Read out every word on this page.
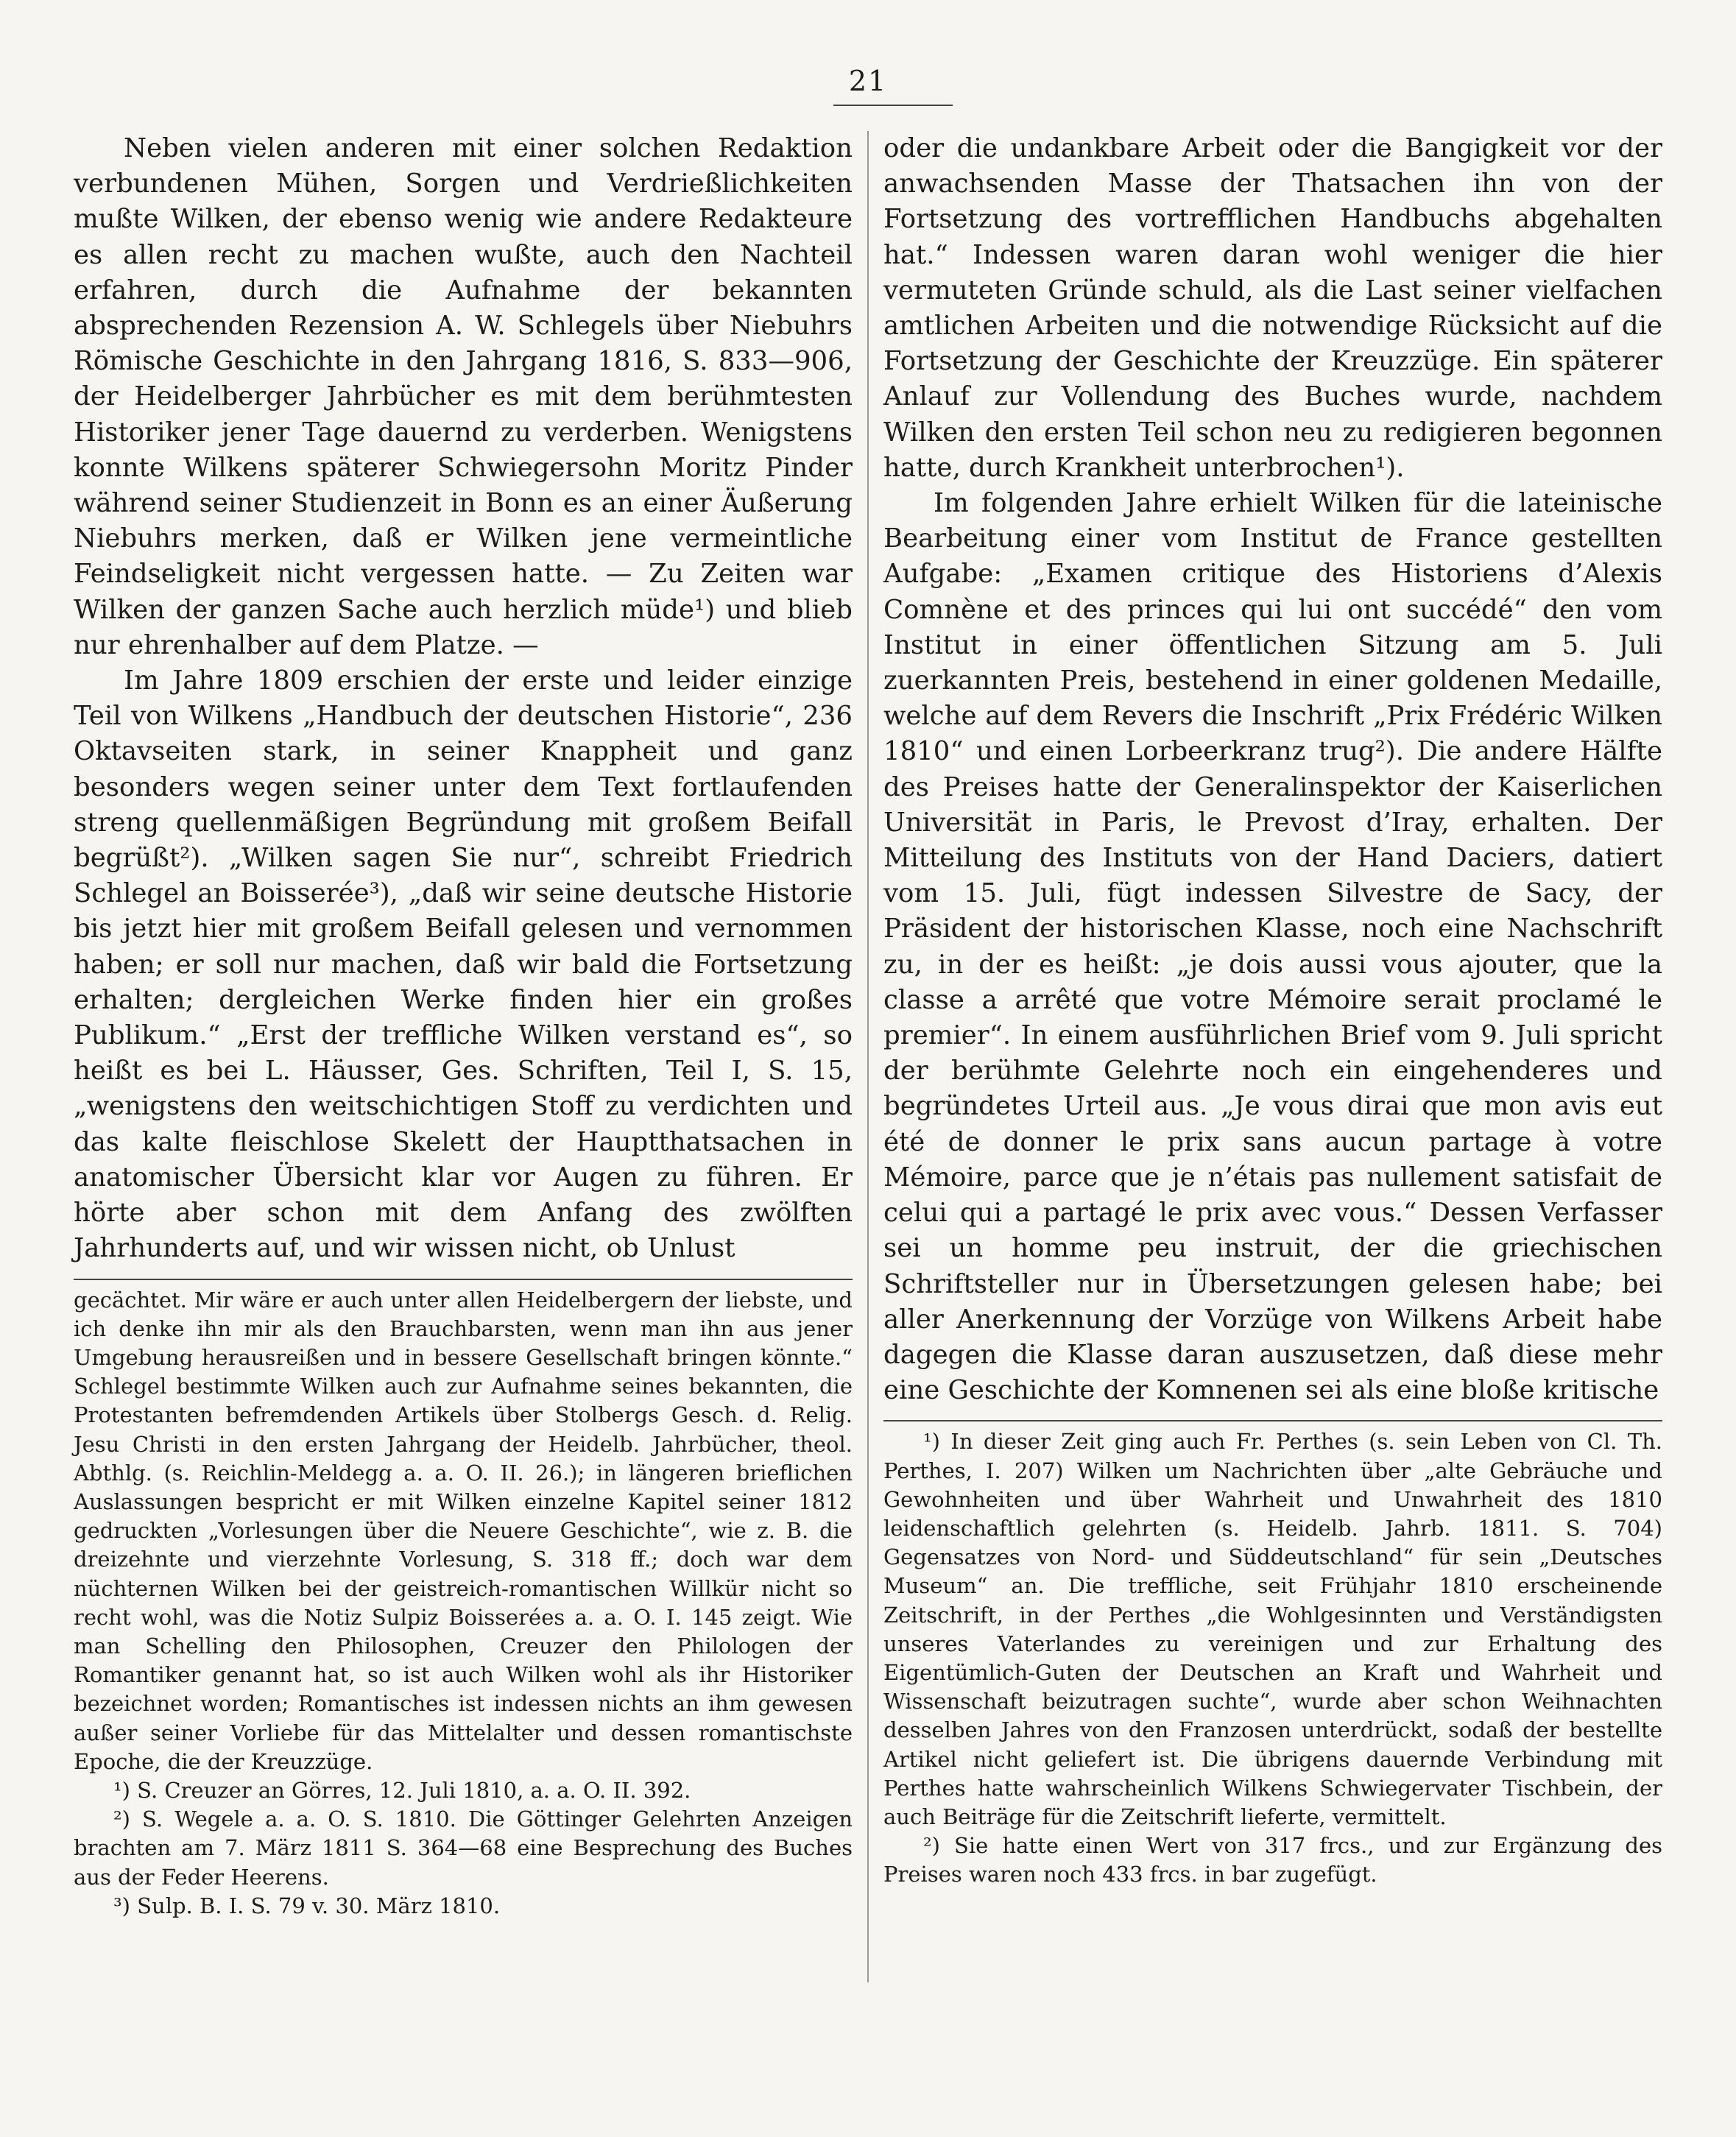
21

Neben vielen anderen mit einer solchen Redaktion verbundenen Mühen, Sorgen und Verdrießlichkeiten mußte Wilken, der ebenso wenig wie andere Redakteure es allen recht zu machen wußte, auch den Nachteil erfahren, durch die Aufnahme der bekannten absprechenden Rezension A. W. Schlegels über Niebuhrs Römische Geschichte in den Jahrgang 1816, S. 833—906, der Heidelberger Jahrbücher es mit dem berühmtesten Historiker jener Tage dauernd zu verderben. Wenigstens konnte Wilkens späterer Schwiegersohn Moritz Pinder während seiner Studienzeit in Bonn es an einer Äußerung Niebuhrs merken, daß er Wilken jene vermeintliche Feindseligkeit nicht vergessen hatte. — Zu Zeiten war Wilken der ganzen Sache auch herzlich müde¹) und blieb nur ehrenhalber auf dem Platze. —

Im Jahre 1809 erschien der erste und leider einzige Teil von Wilkens „Handbuch der deutschen Historie“, 236 Oktavseiten stark, in seiner Knappheit und ganz besonders wegen seiner unter dem Text fortlaufenden streng quellenmäßigen Begründung mit großem Beifall begrüßt²). „Wilken sagen Sie nur“, schreibt Friedrich Schlegel an Boisserée³), „daß wir seine deutsche Historie bis jetzt hier mit großem Beifall gelesen und vernommen haben; er soll nur machen, daß wir bald die Fortsetzung erhalten; dergleichen Werke finden hier ein großes Publikum.“ „Erst der treffliche Wilken verstand es“, so heißt es bei L. Häusser, Ges. Schriften, Teil I, S. 15, „wenigstens den weitschichtigen Stoff zu verdichten und das kalte fleischlose Skelett der Hauptthatsachen in anatomischer Übersicht klar vor Augen zu führen. Er hörte aber schon mit dem Anfang des zwölften Jahrhunderts auf, und wir wissen nicht, ob Unlust

gecächtet. Mir wäre er auch unter allen Heidelbergern der liebste, und ich denke ihn mir als den Brauchbarsten, wenn man ihn aus jener Umgebung herausreißen und in bessere Gesellschaft bringen könnte.“ Schlegel bestimmte Wilken auch zur Aufnahme seines bekannten, die Protestanten befremdenden Artikels über Stolbergs Gesch. d. Relig. Jesu Christi in den ersten Jahrgang der Heidelb. Jahrbücher, theol. Abthlg. (s. Reichlin-Meldegg a. a. O. II. 26.); in längeren brieflichen Auslassungen bespricht er mit Wilken einzelne Kapitel seiner 1812 gedruckten „Vorlesungen über die Neuere Geschichte“, wie z. B. die dreizehnte und vierzehnte Vorlesung, S. 318 ff.; doch war dem nüchternen Wilken bei der geistreich-romantischen Willkür nicht so recht wohl, was die Notiz Sulpiz Boisserées a. a. O. I. 145 zeigt. Wie man Schelling den Philosophen, Creuzer den Philologen der Romantiker genannt hat, so ist auch Wilken wohl als ihr Historiker bezeichnet worden; Romantisches ist indessen nichts an ihm gewesen außer seiner Vorliebe für das Mittelalter und dessen romantischste Epoche, die der Kreuzzüge.

¹) S. Creuzer an Görres, 12. Juli 1810, a. a. O. II. 392.

²) S. Wegele a. a. O. S. 1810. Die Göttinger Gelehrten Anzeigen brachten am 7. März 1811 S. 364—68 eine Besprechung des Buches aus der Feder Heerens.

³) Sulp. B. I. S. 79 v. 30. März 1810.

oder die undankbare Arbeit oder die Bangigkeit vor der anwachsenden Masse der Thatsachen ihn von der Fortsetzung des vortrefflichen Handbuchs abgehalten hat.“ Indessen waren daran wohl weniger die hier vermuteten Gründe schuld, als die Last seiner vielfachen amtlichen Arbeiten und die notwendige Rücksicht auf die Fortsetzung der Geschichte der Kreuzzüge. Ein späterer Anlauf zur Vollendung des Buches wurde, nachdem Wilken den ersten Teil schon neu zu redigieren begonnen hatte, durch Krankheit unterbrochen¹).

Im folgenden Jahre erhielt Wilken für die lateinische Bearbeitung einer vom Institut de France gestellten Aufgabe: „Examen critique des Historiens d’Alexis Comnène et des princes qui lui ont succédé“ den vom Institut in einer öffentlichen Sitzung am 5. Juli zuerkannten Preis, bestehend in einer goldenen Medaille, welche auf dem Revers die Inschrift „Prix Frédéric Wilken 1810“ und einen Lorbeerkranz trug²). Die andere Hälfte des Preises hatte der Generalinspektor der Kaiserlichen Universität in Paris, le Prevost d’Iray, erhalten. Der Mitteilung des Instituts von der Hand Daciers, datiert vom 15. Juli, fügt indessen Silvestre de Sacy, der Präsident der historischen Klasse, noch eine Nachschrift zu, in der es heißt: „je dois aussi vous ajouter, que la classe a arrêté que votre Mémoire serait proclamé le premier“. In einem ausführlichen Brief vom 9. Juli spricht der berühmte Gelehrte noch ein eingehenderes und begründetes Urteil aus. „Je vous dirai que mon avis eut été de donner le prix sans aucun partage à votre Mémoire, parce que je n’étais pas nullement satisfait de celui qui a partagé le prix avec vous.“ Dessen Verfasser sei un homme peu instruit, der die griechischen Schriftsteller nur in Übersetzungen gelesen habe; bei aller Anerkennung der Vorzüge von Wilkens Arbeit habe dagegen die Klasse daran auszusetzen, daß diese mehr eine Geschichte der Komnenen sei als eine bloße kritische

¹) In dieser Zeit ging auch Fr. Perthes (s. sein Leben von Cl. Th. Perthes, I. 207) Wilken um Nachrichten über „alte Gebräuche und Gewohnheiten und über Wahrheit und Unwahrheit des 1810 leidenschaftlich gelehrten (s. Heidelb. Jahrb. 1811. S. 704) Gegensatzes von Nord- und Süddeutschland“ für sein „Deutsches Museum“ an. Die treffliche, seit Frühjahr 1810 erscheinende Zeitschrift, in der Perthes „die Wohlgesinnten und Verständigsten unseres Vaterlandes zu vereinigen und zur Erhaltung des Eigentümlich-Guten der Deutschen an Kraft und Wahrheit und Wissenschaft beizutragen suchte“, wurde aber schon Weihnachten desselben Jahres von den Franzosen unterdrückt, sodaß der bestellte Artikel nicht geliefert ist. Die übrigens dauernde Verbindung mit Perthes hatte wahrscheinlich Wilkens Schwiegervater Tischbein, der auch Beiträge für die Zeitschrift lieferte, vermittelt.

²) Sie hatte einen Wert von 317 frcs., und zur Ergänzung des Preises waren noch 433 frcs. in bar zugefügt.
